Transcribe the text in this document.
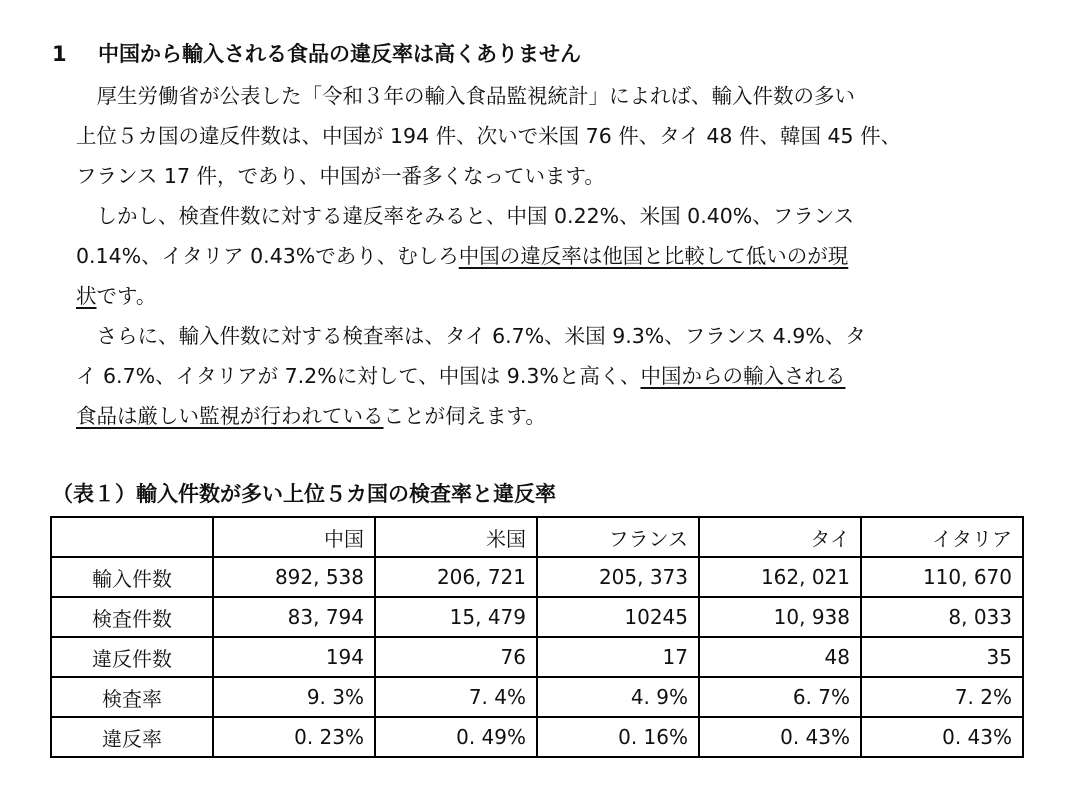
1 中国から輸入される食品の違反率は高くありません
　厚生労働省が公表した「令和３年の輸入食品監視統計」によれば、輸入件数の多い
上位５カ国の違反件数は、中国が 194 件、次いで米国 76 件、タイ 48 件、韓国 45 件、
フランス 17 件，であり、中国が一番多くなっています。
　しかし、検査件数に対する違反率をみると、中国 0.22%、米国 0.40%、フランス
0.14%、イタリア 0.43%であり、むしろ中国の違反率は他国と比較して低いのが現
状です。
　さらに、輸入件数に対する検査率は、タイ 6.7%、米国 9.3%、フランス 4.9%、タ
イ 6.7%、イタリアが 7.2%に対して、中国は 9.3%と高く、中国からの輸入される
食品は厳しい監視が行われていることが伺えます。
（表１）輸入件数が多い上位５カ国の検査率と違反率
	中国	米国	フランス	タイ	イタリア
輸入件数	892, 538	206, 721	205, 373	162, 021	110, 670
検査件数	83, 794	15, 479	10245	10, 938	8, 033
違反件数	194	76	17	48	35
検査率	9. 3%	7. 4%	4. 9%	6. 7%	7. 2%
違反率	0. 23%	0. 49%	0. 16%	0. 43%	0. 43%
